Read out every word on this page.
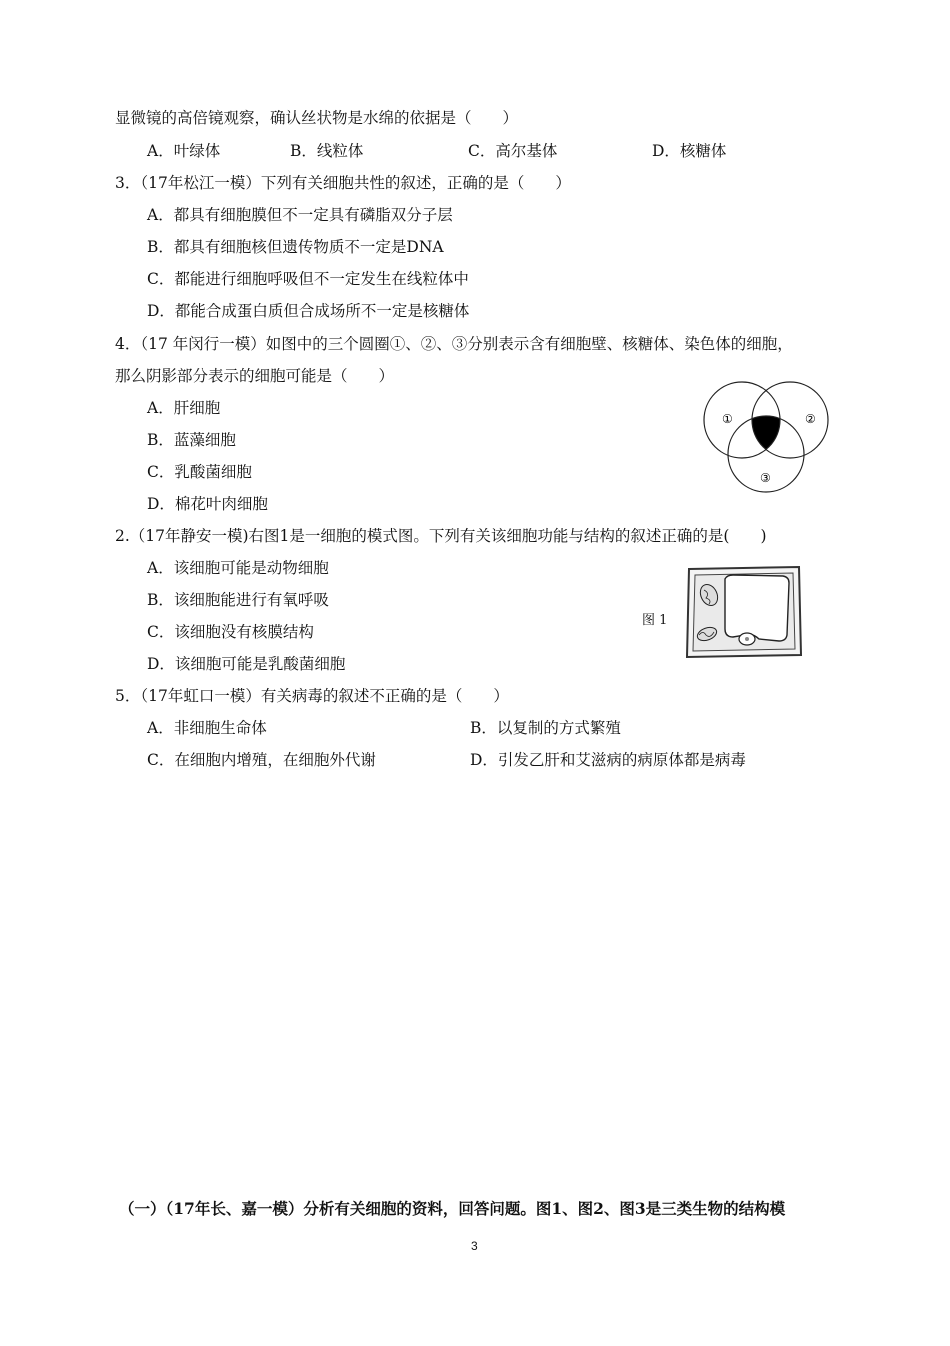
显微镜的高倍镜观察，确认丝状物是水绵的依据是（　　）
A．叶绿体	B．线粒体	C．高尔基体	D．核糖体
3．（17年松江一模）下列有关细胞共性的叙述，正确的是（　　）
A．都具有细胞膜但不一定具有磷脂双分子层
B．都具有细胞核但遗传物质不一定是DNA
C．都能进行细胞呼吸但不一定发生在线粒体中
D．都能合成蛋白质但合成场所不一定是核糖体
4．（17 年闵行一模）如图中的三个圆圈①、②、③分别表示含有细胞壁、核糖体、染色体的细胞，
那么阴影部分表示的细胞可能是（　　）
A．肝细胞
B．蓝藻细胞
C．乳酸菌细胞
D．棉花叶肉细胞
①	②
③
2.（17年静安一模)右图1是一细胞的模式图。下列有关该细胞功能与结构的叙述正确的是(　　)
A．该细胞可能是动物细胞
B．该细胞能进行有氧呼吸
C．该细胞没有核膜结构
D．该细胞可能是乳酸菌细胞
图 1
5．（17年虹口一模）有关病毒的叙述不正确的是（　　）
A．非细胞生命体	B．以复制的方式繁殖
C．在细胞内增殖，在细胞外代谢	D．引发乙肝和艾滋病的病原体都是病毒
（一）（17年长、嘉一模）分析有关细胞的资料，回答问题。图1、图2、图3是三类生物的结构模
3
